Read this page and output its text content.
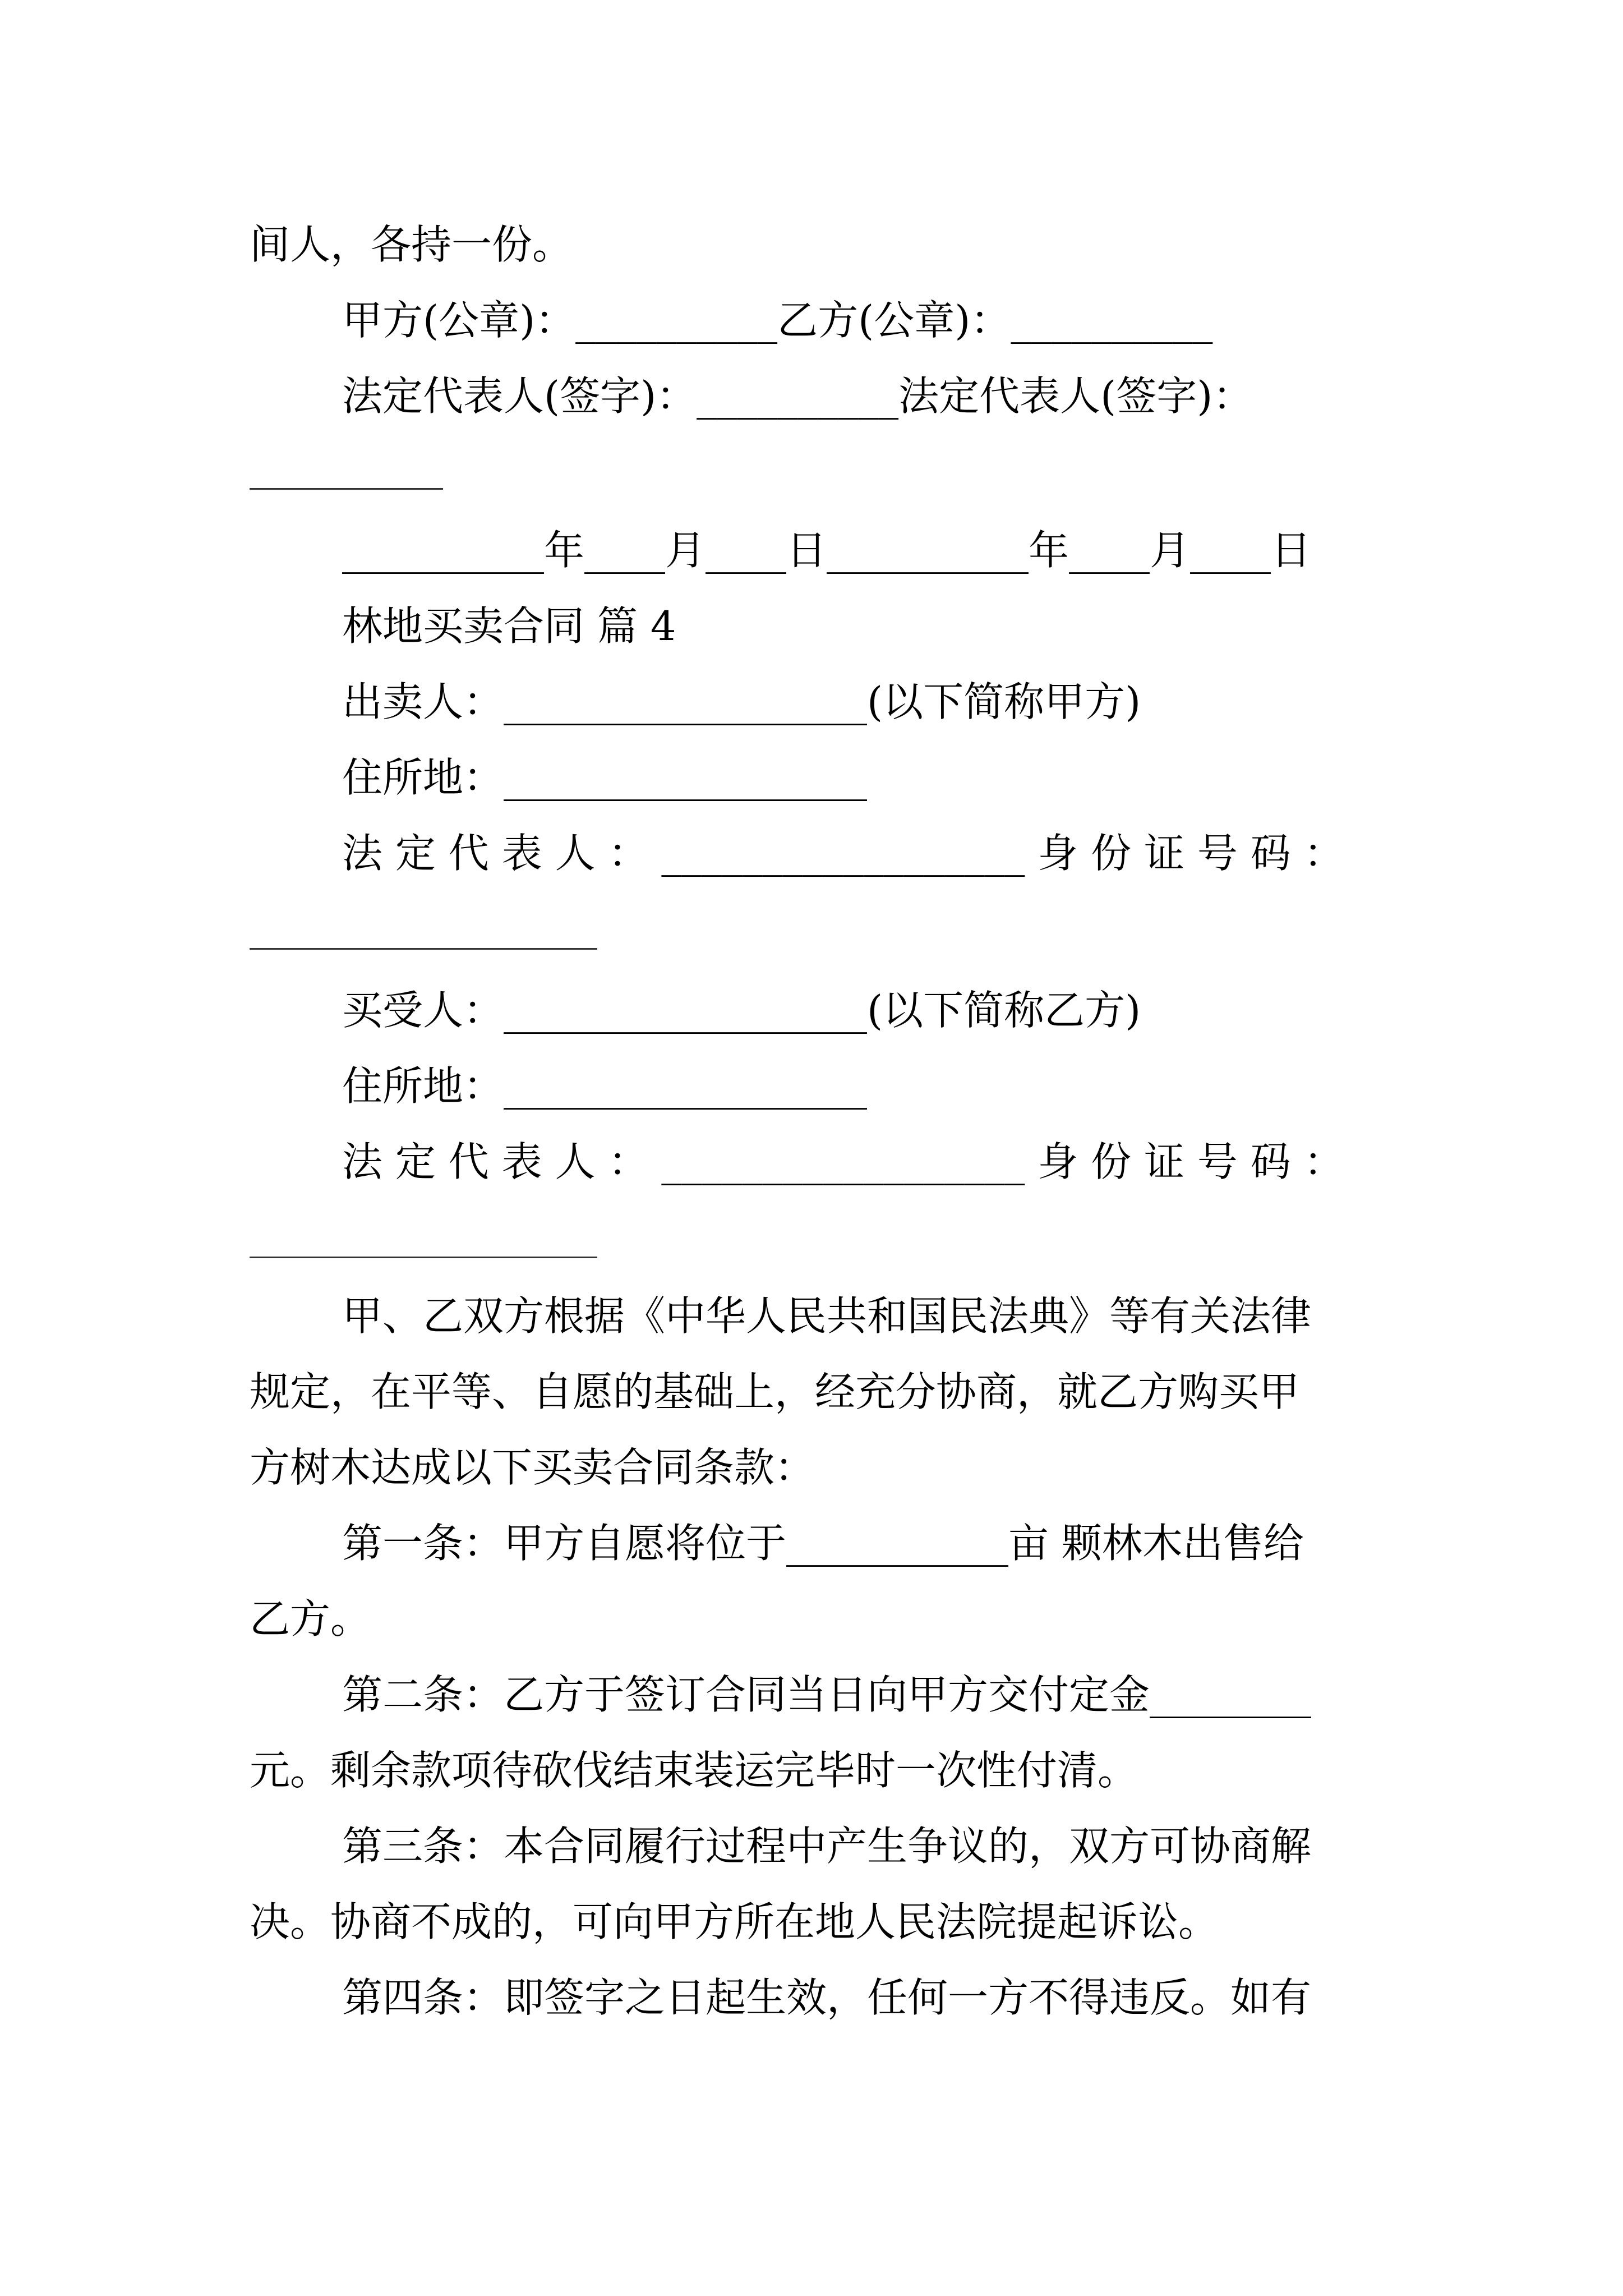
间人，各持一份。
甲方(公章)：__________乙方(公章)：__________
法定代表人(签字)：__________法定代表人(签字)：
__________年____月____日__________年____月____日
林地买卖合同 篇 4
出卖人：__________________(以下简称甲方)
住所地：__________________
法 定 代 表 人 ： __________________ 身 份 证 号 码 ：
买受人：__________________(以下简称乙方)
住所地：__________________
法 定 代 表 人 ： __________________ 身 份 证 号 码 ：
甲、乙双方根据《中华人民共和国民法典》等有关法律
规定，在平等、自愿的基础上，经充分协商，就乙方购买甲
方树木达成以下买卖合同条款：
第一条：甲方自愿将位于___________亩 颗林木出售给
乙方。
第二条：乙方于签订合同当日向甲方交付定金________
元。剩余款项待砍伐结束装运完毕时一次性付清。
第三条：本合同履行过程中产生争议的，双方可协商解
决。协商不成的，可向甲方所在地人民法院提起诉讼。
第四条：即签字之日起生效，任何一方不得违反。如有
